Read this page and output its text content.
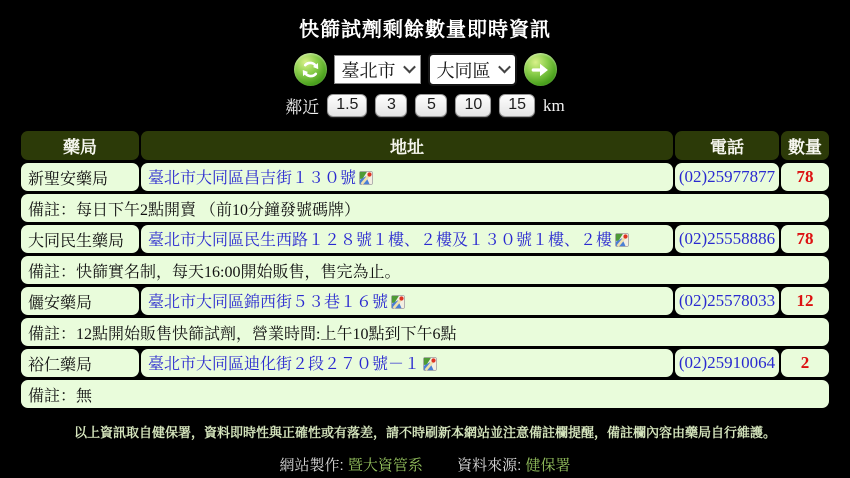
快篩試劑剩餘數量即時資訊
臺北市 大同區
鄰近	1.5	3	5	10	15	km
藥局	地址	電話	數量
新聖安藥局	臺北市大同區昌吉街１３０號	(02)25977877	78
備註：每日下午2點開賣 （前10分鐘發號碼牌）			
大同民生藥局	臺北市大同區民生西路１２８號１樓、２樓及１３０號１樓、２樓	(02)25558886	78
備註：快篩實名制，每天16:00開始販售，售完為止。			
儷安藥局	臺北市大同區錦西街５３巷１６號	(02)25578033	12
備註：12點開始販售快篩試劑，營業時間:上午10點到下午6點			
裕仁藥局	臺北市大同區迪化街２段２７０號－１	(02)25910064	2
備註：無			
以上資訊取自健保署，資料即時性與正確性或有落差，請不時刷新本網站並注意備註欄提醒，備註欄內容由藥局自行維護。
網站製作: 暨大資管系 資料來源: 健保署
